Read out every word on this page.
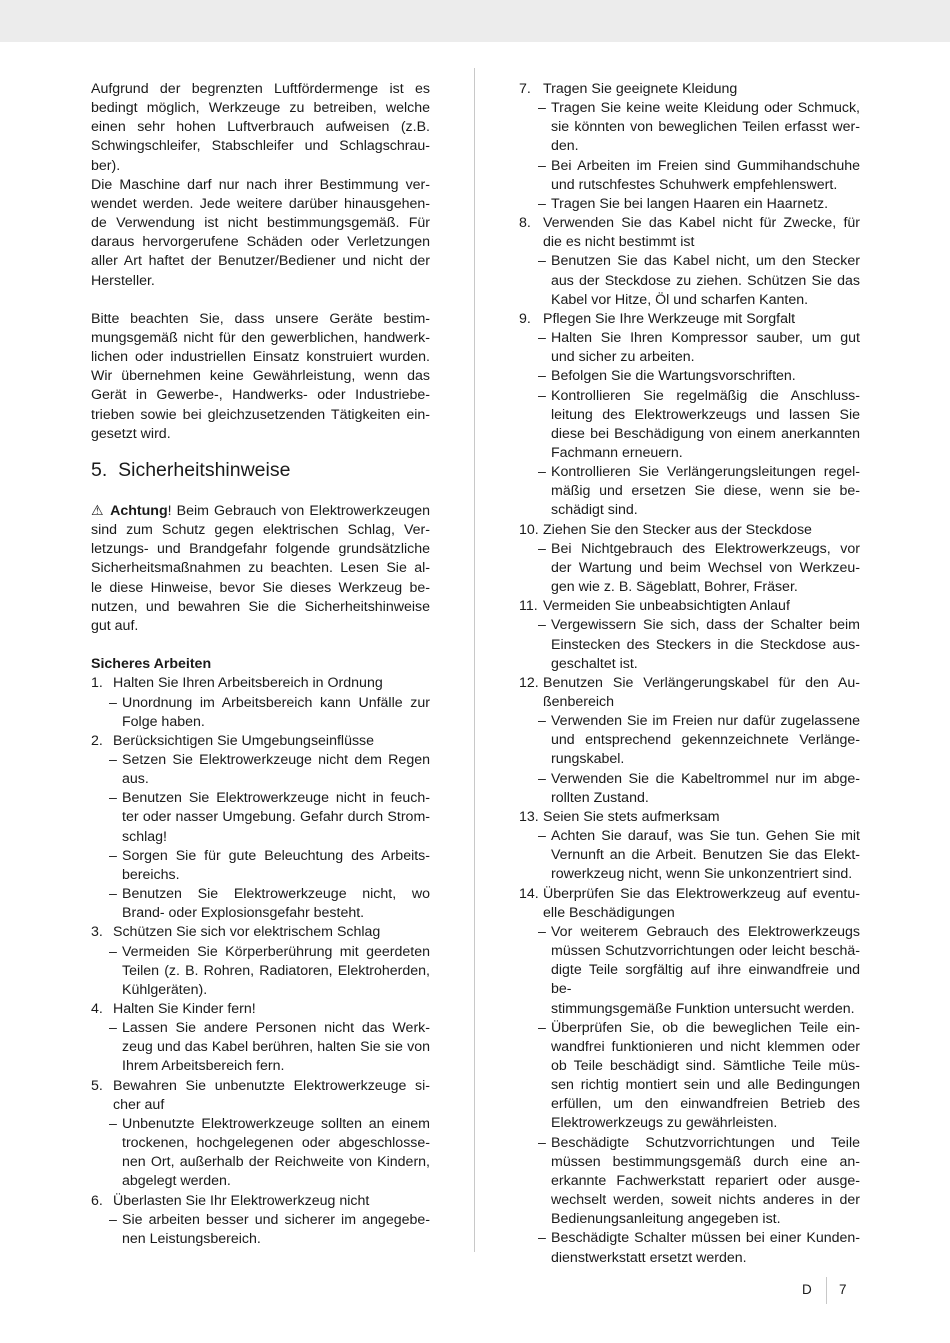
Aufgrund der begrenzten Luftfördermenge ist es
bedingt möglich, Werkzeuge zu betreiben, welche
einen sehr hohen Luftverbrauch aufweisen (z.B.
Schwingschleifer, Stabschleifer und Schlagschrau-
ber).
Die Maschine darf nur nach ihrer Bestimmung ver-
wendet werden. Jede weitere darüber hinausgehen-
de Verwendung ist nicht bestimmungsgemäß. Für
daraus hervorgerufene Schäden oder Verletzungen
aller Art haftet der Benutzer/Bediener und nicht der
Hersteller.
Bitte beachten Sie, dass unsere Geräte bestim-
mungsgemäß nicht für den gewerblichen, handwerk-
lichen oder industriellen Einsatz konstruiert wurden.
Wir übernehmen keine Gewährleistung, wenn das
Gerät in Gewerbe-, Handwerks- oder Industriebe-
trieben sowie bei gleichzusetzenden Tätigkeiten ein-
gesetzt wird.
5. Sicherheitshinweise
⚠ Achtung! Beim Gebrauch von Elektrowerkzeugen
sind zum Schutz gegen elektrischen Schlag, Ver-
letzungs- und Brandgefahr folgende grundsätzliche
Sicherheitsmaßnahmen zu beachten. Lesen Sie al-
le diese Hinweise, bevor Sie dieses Werkzeug be-
nutzen, und bewahren Sie die Sicherheitshinweise
gut auf.

Sicheres Arbeiten

1. Halten Sie Ihren Arbeitsbereich in Ordnung
– Unordnung im Arbeitsbereich kann Unfälle zur
Folge haben.
2. Berücksichtigen Sie Umgebungseinflüsse
– Setzen Sie Elektrowerkzeuge nicht dem Regen
aus.
– Benutzen Sie Elektrowerkzeuge nicht in feuch-
ter oder nasser Umgebung. Gefahr durch Strom-
schlag!
– Sorgen Sie für gute Beleuchtung des Arbeits-
bereichs.
– Benutzen Sie Elektrowerkzeuge nicht, wo
Brand- oder Explosionsgefahr besteht.
3. Schützen Sie sich vor elektrischem Schlag
– Vermeiden Sie Körperberührung mit geerdeten
Teilen (z. B. Rohren, Radiatoren, Elektroherden,
Kühlgeräten).
4. Halten Sie Kinder fern!
– Lassen Sie andere Personen nicht das Werk-
zeug und das Kabel berühren, halten Sie sie von
Ihrem Arbeitsbereich fern.
5. Bewahren Sie unbenutzte Elektrowerkzeuge si-
cher auf
– Unbenutzte Elektrowerkzeuge sollten an einem
trockenen, hochgelegenen oder abgeschlosse-
nen Ort, außerhalb der Reichweite von Kindern,
abgelegt werden.
6. Überlasten Sie Ihr Elektrowerkzeug nicht
– Sie arbeiten besser und sicherer im angegebe-
nen Leistungsbereich.
7. Tragen Sie geeignete Kleidung
– Tragen Sie keine weite Kleidung oder Schmuck,
sie könnten von beweglichen Teilen erfasst wer-
den.
– Bei Arbeiten im Freien sind Gummihandschuhe
und rutschfestes Schuhwerk empfehlenswert.
– Tragen Sie bei langen Haaren ein Haarnetz.
8. Verwenden Sie das Kabel nicht für Zwecke, für
die es nicht bestimmt ist
– Benutzen Sie das Kabel nicht, um den Stecker
aus der Steckdose zu ziehen. Schützen Sie das
Kabel vor Hitze, Öl und scharfen Kanten.
9. Pflegen Sie Ihre Werkzeuge mit Sorgfalt
– Halten Sie Ihren Kompressor sauber, um gut
und sicher zu arbeiten.
– Befolgen Sie die Wartungsvorschriften.
– Kontrollieren Sie regelmäßig die Anschluss-
leitung des Elektrowerkzeugs und lassen Sie
diese bei Beschädigung von einem anerkannten
Fachmann erneuern.
– Kontrollieren Sie Verlängerungsleitungen regel-
mäßig und ersetzen Sie diese, wenn sie be-
schädigt sind.
10. Ziehen Sie den Stecker aus der Steckdose
– Bei Nichtgebrauch des Elektrowerkzeugs, vor
der Wartung und beim Wechsel von Werkzeu-
gen wie z. B. Sägeblatt, Bohrer, Fräser.
11. Vermeiden Sie unbeabsichtigten Anlauf
– Vergewissern Sie sich, dass der Schalter beim
Einstecken des Steckers in die Steckdose aus-
geschaltet ist.
12. Benutzen Sie Verlängerungskabel für den Au-
ßenbereich
– Verwenden Sie im Freien nur dafür zugelassene
und entsprechend gekennzeichnete Verlänge-
rungskabel.
– Verwenden Sie die Kabeltrommel nur im abge-
rollten Zustand.
13. Seien Sie stets aufmerksam
– Achten Sie darauf, was Sie tun. Gehen Sie mit
Vernunft an die Arbeit. Benutzen Sie das Elekt-
rowerkzeug nicht, wenn Sie unkonzentriert sind.
14. Überprüfen Sie das Elektrowerkzeug auf eventu-
elle Beschädigungen
– Vor weiterem Gebrauch des Elektrowerkzeugs
müssen Schutzvorrichtungen oder leicht beschä-
digte Teile sorgfältig auf ihre einwandfreie und be-
stimmungsgemäße Funktion untersucht werden.
– Überprüfen Sie, ob die beweglichen Teile ein-
wandfrei funktionieren und nicht klemmen oder
ob Teile beschädigt sind. Sämtliche Teile müs-
sen richtig montiert sein und alle Bedingungen
erfüllen, um den einwandfreien Betrieb des
Elektrowerkzeugs zu gewährleisten.
– Beschädigte Schutzvorrichtungen und Teile
müssen bestimmungsgemäß durch eine an-
erkannte Fachwerkstatt repariert oder ausge-
wechselt werden, soweit nichts anderes in der
Bedienungsanleitung angegeben ist.
– Beschädigte Schalter müssen bei einer Kunden-
dienstwerkstatt ersetzt werden.
D 7
